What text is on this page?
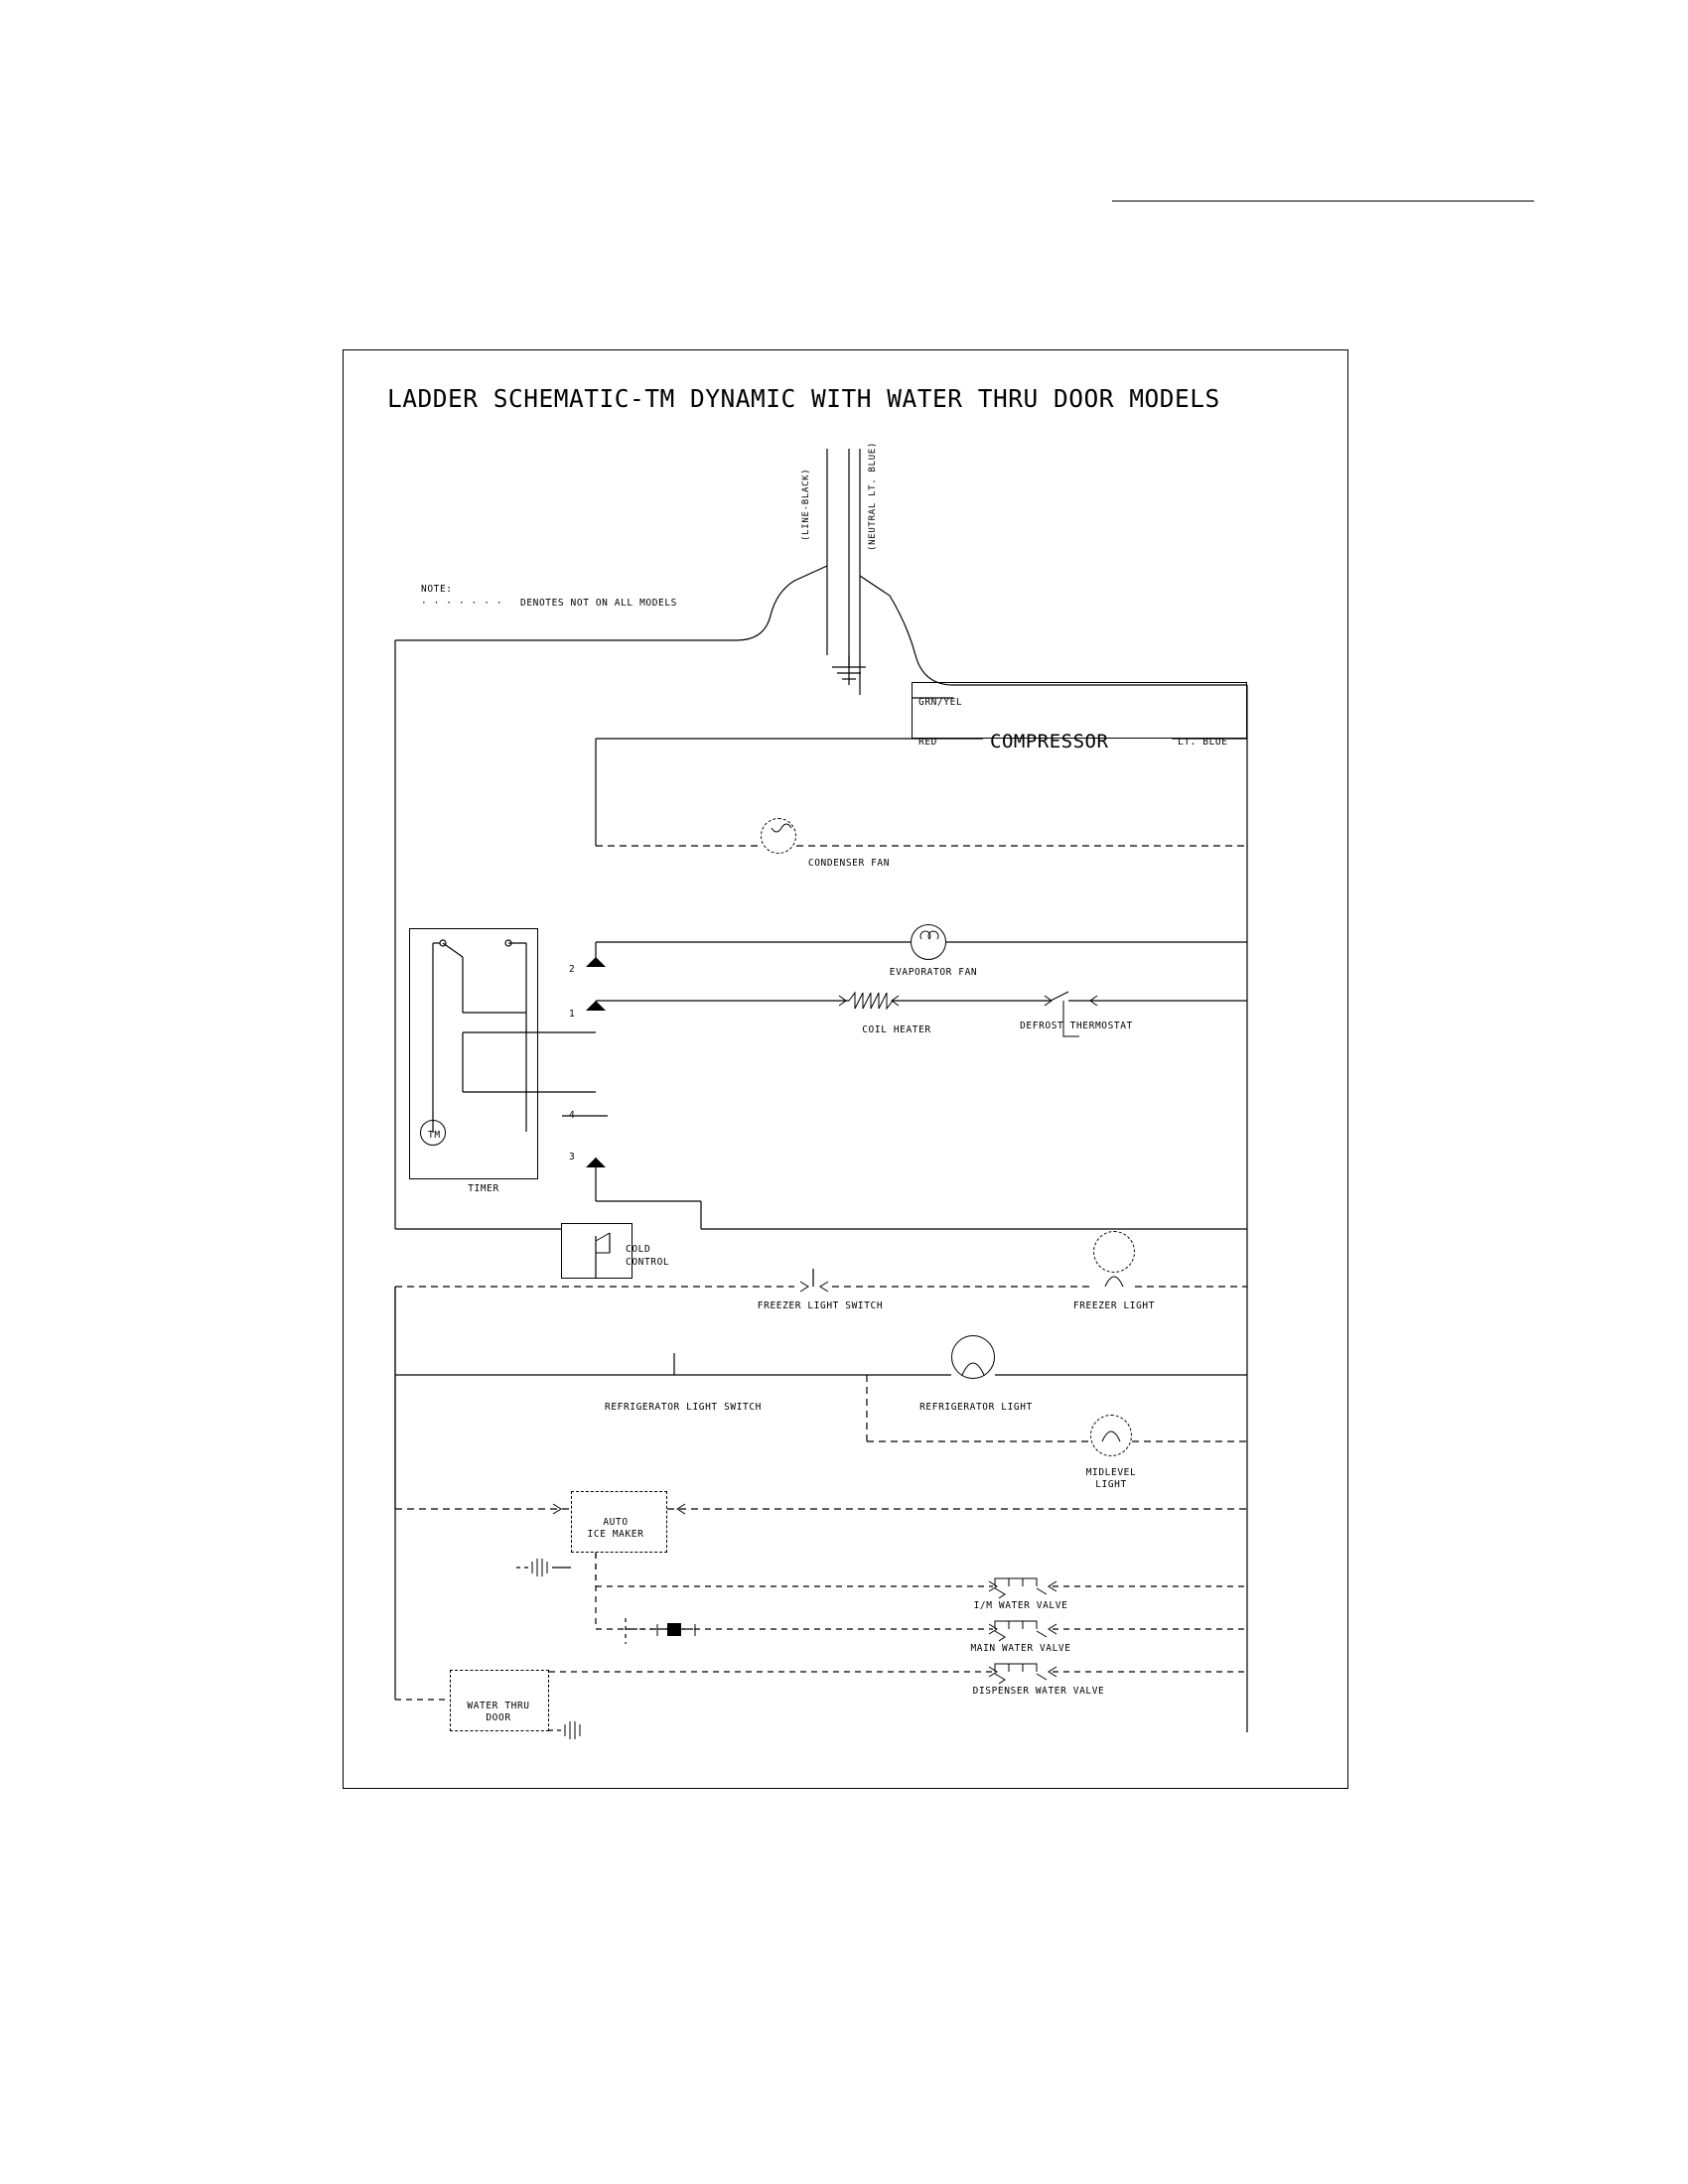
LADDER SCHEMATIC-TM DYNAMIC WITH WATER THRU DOOR MODELS
NOTE:
· · · · · · · DENOTES NOT ON ALL MODELS
(LINE-BLACK)	(NEUTRAL LT. BLUE)
GRN/YEL
RED	LT. BLUE
COMPRESSOR
CONDENSER FAN
EVAPORATOR FAN
COIL HEATER	DEFROST THERMOSTAT
TIMER
COLD
CONTROL
FREEZER LIGHT SWITCH	FREEZER LIGHT
REFRIGERATOR LIGHT SWITCH	REFRIGERATOR LIGHT
MIDLEVEL
LIGHT
AUTO
ICE MAKER
I/M WATER VALVE
MAIN WATER VALVE
DISPENSER WATER VALVE
WATER THRU
DOOR
2
1
4
3
TM
